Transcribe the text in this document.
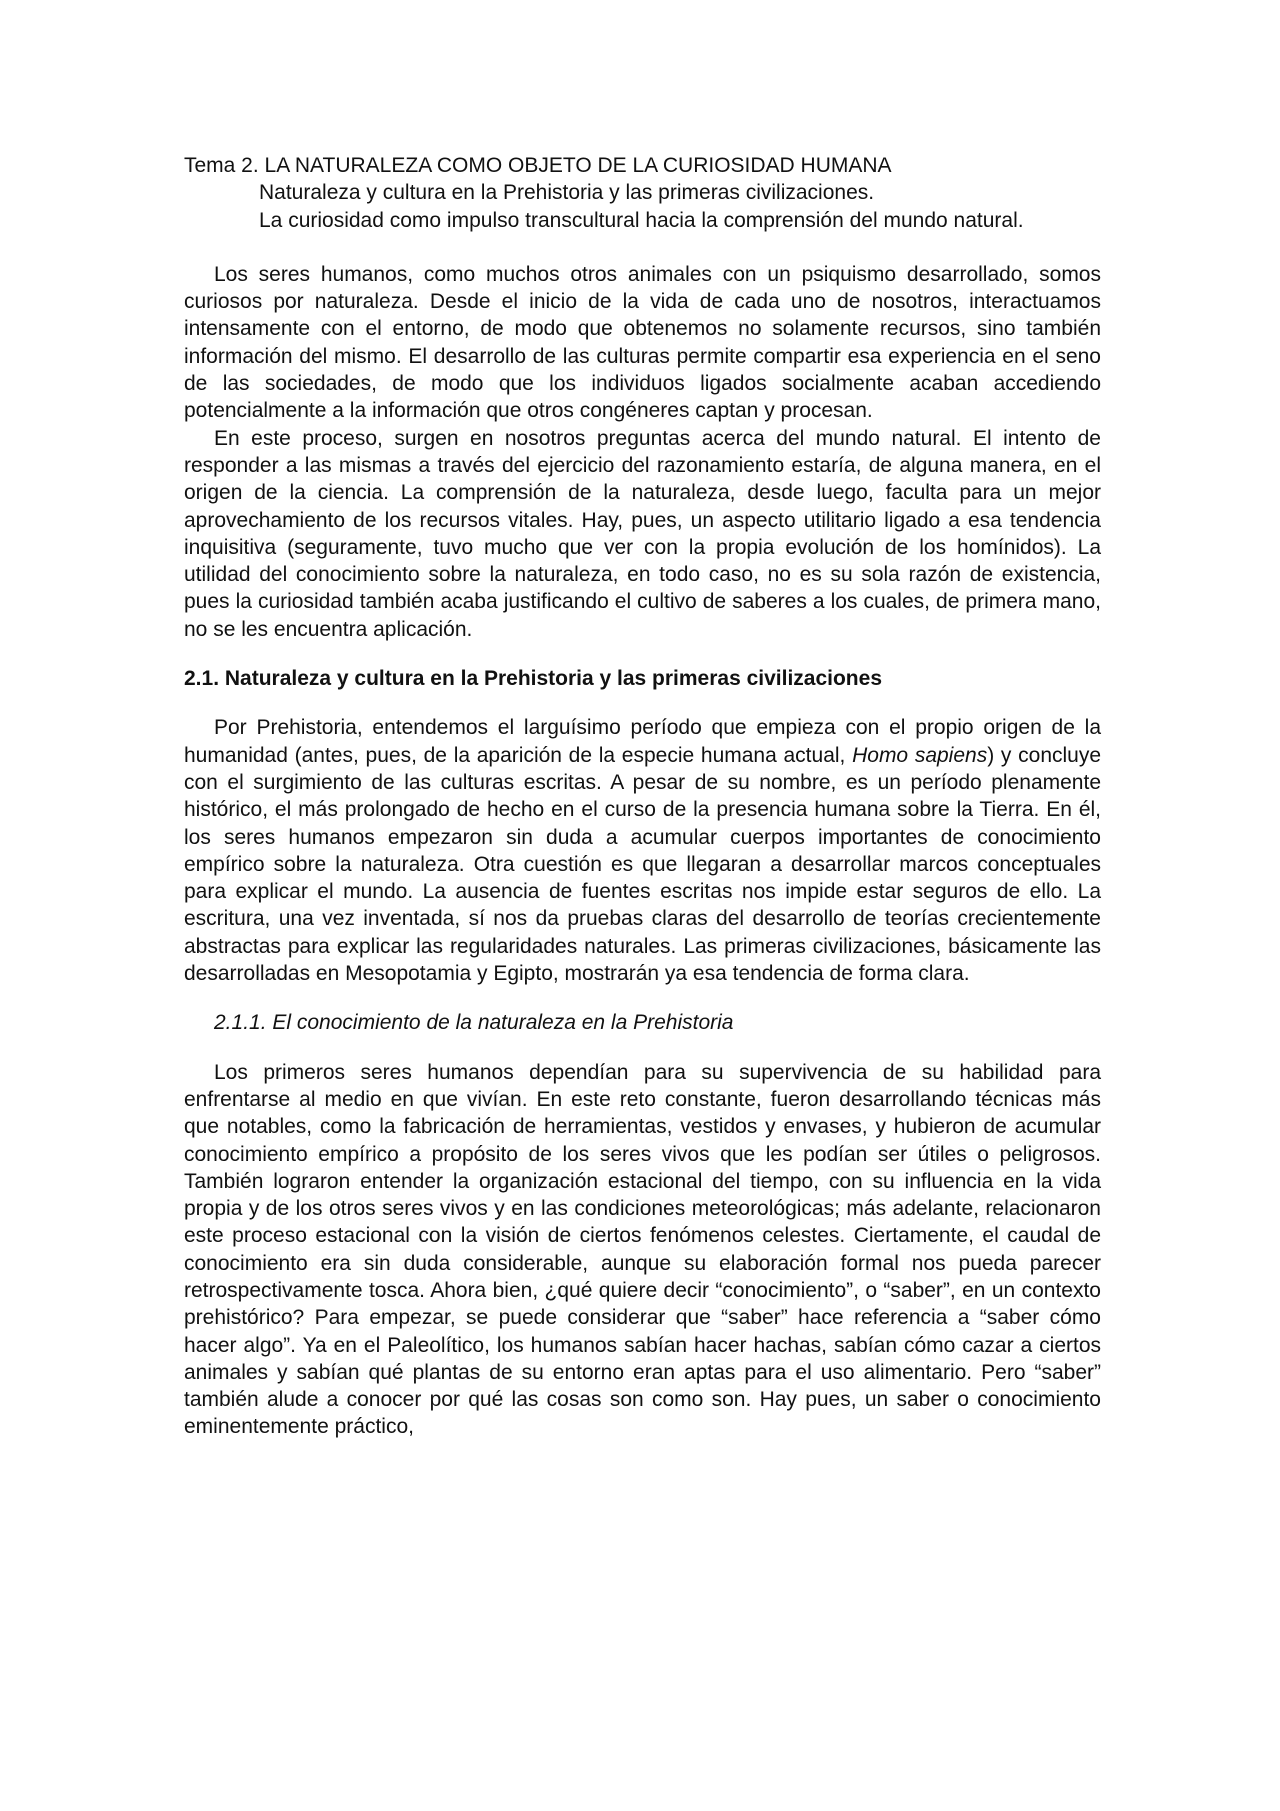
Tema 2. LA NATURALEZA COMO OBJETO DE LA CURIOSIDAD HUMANA
Naturaleza y cultura en la Prehistoria y las primeras civilizaciones.
La curiosidad como impulso transcultural hacia la comprensión del mundo natural.

Los seres humanos, como muchos otros animales con un psiquismo desarrollado, somos curiosos por naturaleza. Desde el inicio de la vida de cada uno de nosotros, interactuamos intensamente con el entorno, de modo que obtenemos no solamente recursos, sino también información del mismo. El desarrollo de las culturas permite compartir esa experiencia en el seno de las sociedades, de modo que los individuos ligados socialmente acaban accediendo potencialmente a la información que otros congéneres captan y procesan.

En este proceso, surgen en nosotros preguntas acerca del mundo natural. El intento de responder a las mismas a través del ejercicio del razonamiento estaría, de alguna manera, en el origen de la ciencia. La comprensión de la naturaleza, desde luego, faculta para un mejor aprovechamiento de los recursos vitales. Hay, pues, un aspecto utilitario ligado a esa tendencia inquisitiva (seguramente, tuvo mucho que ver con la propia evolución de los homínidos). La utilidad del conocimiento sobre la naturaleza, en todo caso, no es su sola razón de existencia, pues la curiosidad también acaba justificando el cultivo de saberes a los cuales, de primera mano, no se les encuentra aplicación.

2.1. Naturaleza y cultura en la Prehistoria y las primeras civilizaciones

Por Prehistoria, entendemos el larguísimo período que empieza con el propio origen de la humanidad (antes, pues, de la aparición de la especie humana actual, Homo sapiens) y concluye con el surgimiento de las culturas escritas. A pesar de su nombre, es un período plenamente histórico, el más prolongado de hecho en el curso de la presencia humana sobre la Tierra. En él, los seres humanos empezaron sin duda a acumular cuerpos importantes de conocimiento empírico sobre la naturaleza. Otra cuestión es que llegaran a desarrollar marcos conceptuales para explicar el mundo. La ausencia de fuentes escritas nos impide estar seguros de ello. La escritura, una vez inventada, sí nos da pruebas claras del desarrollo de teorías crecientemente abstractas para explicar las regularidades naturales. Las primeras civilizaciones, básicamente las desarrolladas en Mesopotamia y Egipto, mostrarán ya esa tendencia de forma clara.

2.1.1. El conocimiento de la naturaleza en la Prehistoria

Los primeros seres humanos dependían para su supervivencia de su habilidad para enfrentarse al medio en que vivían. En este reto constante, fueron desarrollando técnicas más que notables, como la fabricación de herramientas, vestidos y envases, y hubieron de acumular conocimiento empírico a propósito de los seres vivos que les podían ser útiles o peligrosos. También lograron entender la organización estacional del tiempo, con su influencia en la vida propia y de los otros seres vivos y en las condiciones meteorológicas; más adelante, relacionaron este proceso estacional con la visión de ciertos fenómenos celestes. Ciertamente, el caudal de conocimiento era sin duda considerable, aunque su elaboración formal nos pueda parecer retrospectivamente tosca. Ahora bien, ¿qué quiere decir “conocimiento”, o “saber”, en un contexto prehistórico? Para empezar, se puede considerar que “saber” hace referencia a “saber cómo hacer algo”. Ya en el Paleolítico, los humanos sabían hacer hachas, sabían cómo cazar a ciertos animales y sabían qué plantas de su entorno eran aptas para el uso alimentario. Pero “saber” también alude a conocer por qué las cosas son como son. Hay pues, un saber o conocimiento eminentemente práctico,
